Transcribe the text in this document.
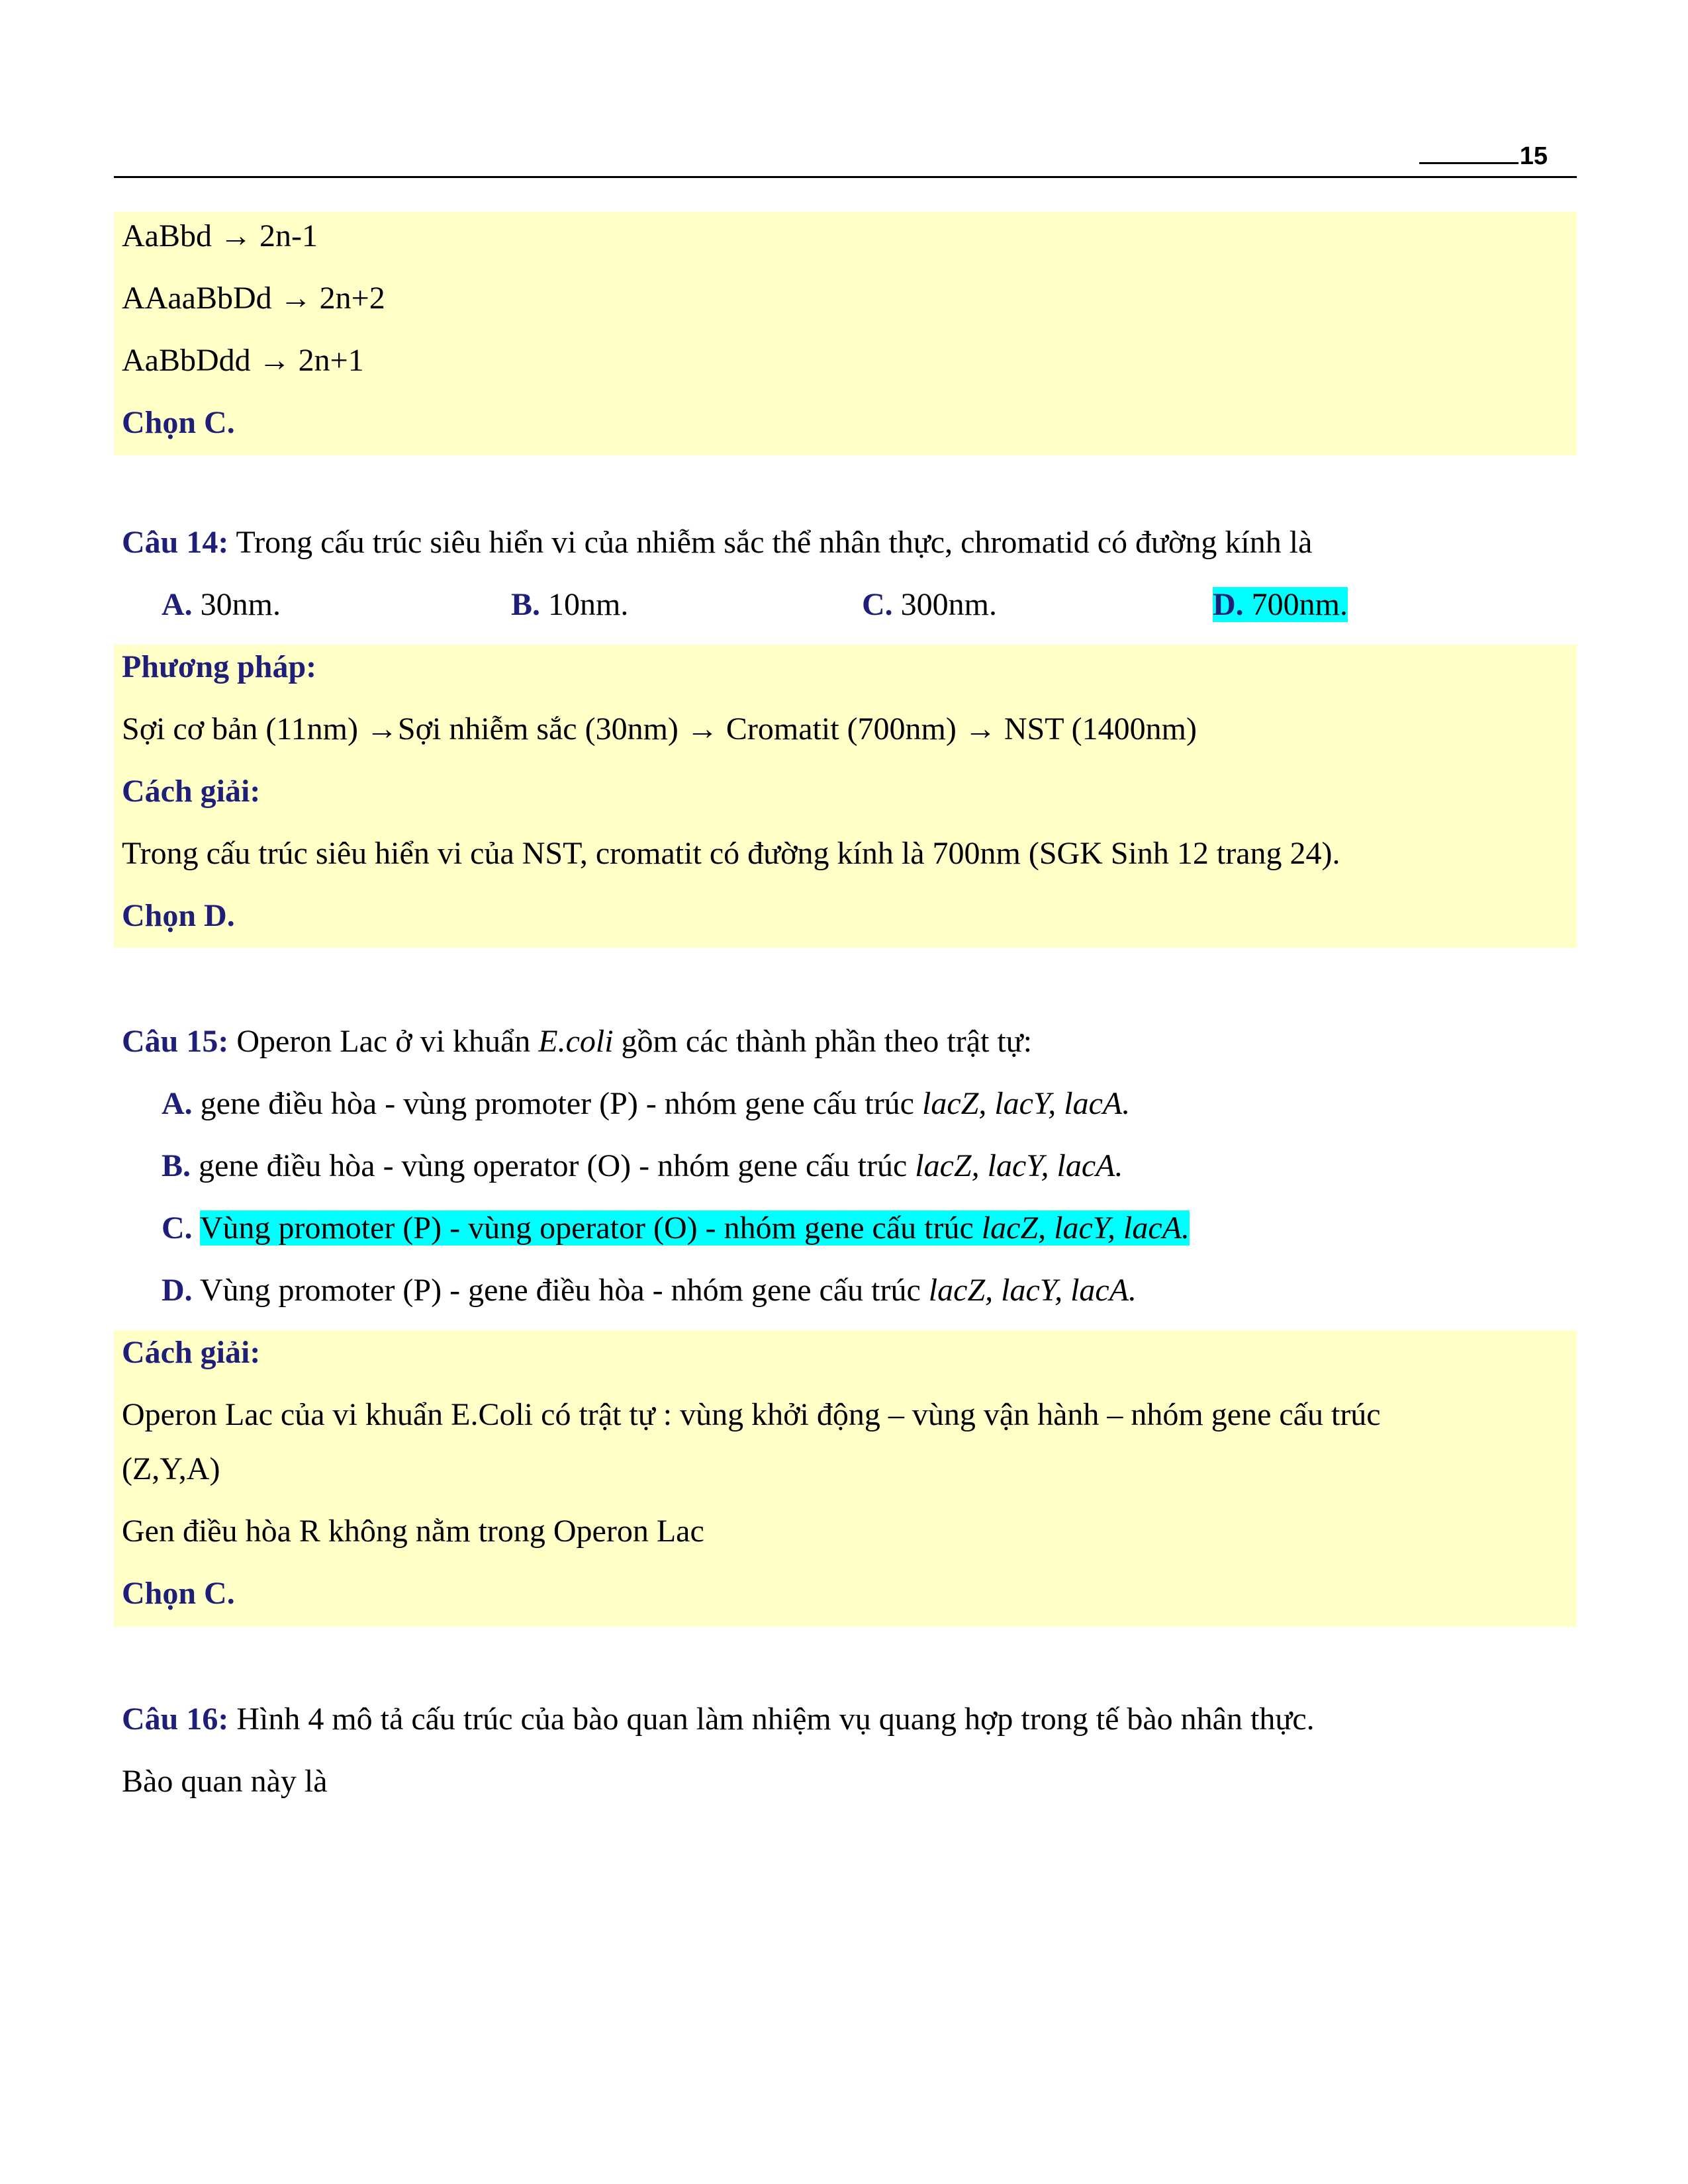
15
AaBbd → 2n-1
AAaaBbDd → 2n+2
AaBbDdd → 2n+1
Chọn C.
Câu 14: Trong cấu trúc siêu hiển vi của nhiễm sắc thể nhân thực, chromatid có đường kính là
A. 30nm.	B. 10nm.	C. 300nm.	D. 700nm.
Phương pháp:
Sợi cơ bản (11nm) →Sợi nhiễm sắc (30nm) → Cromatit (700nm) → NST (1400nm)
Cách giải:
Trong cấu trúc siêu hiển vi của NST, cromatit có đường kính là 700nm (SGK Sinh 12 trang 24).
Chọn D.
Câu 15: Operon Lac ở vi khuẩn E.coli gồm các thành phần theo trật tự:
A. gene điều hòa - vùng promoter (P) - nhóm gene cấu trúc lacZ, lacY, lacA.
B. gene điều hòa - vùng operator (O) - nhóm gene cấu trúc lacZ, lacY, lacA.
C. Vùng promoter (P) - vùng operator (O) - nhóm gene cấu trúc lacZ, lacY, lacA.
D. Vùng promoter (P) - gene điều hòa - nhóm gene cấu trúc lacZ, lacY, lacA.
Cách giải:
Operon Lac của vi khuẩn E.Coli có trật tự : vùng khởi động – vùng vận hành – nhóm gene cấu trúc
(Z,Y,A)
Gen điều hòa R không nằm trong Operon Lac
Chọn C.
Câu 16: Hình 4 mô tả cấu trúc của bào quan làm nhiệm vụ quang hợp trong tế bào nhân thực.
Bào quan này là
